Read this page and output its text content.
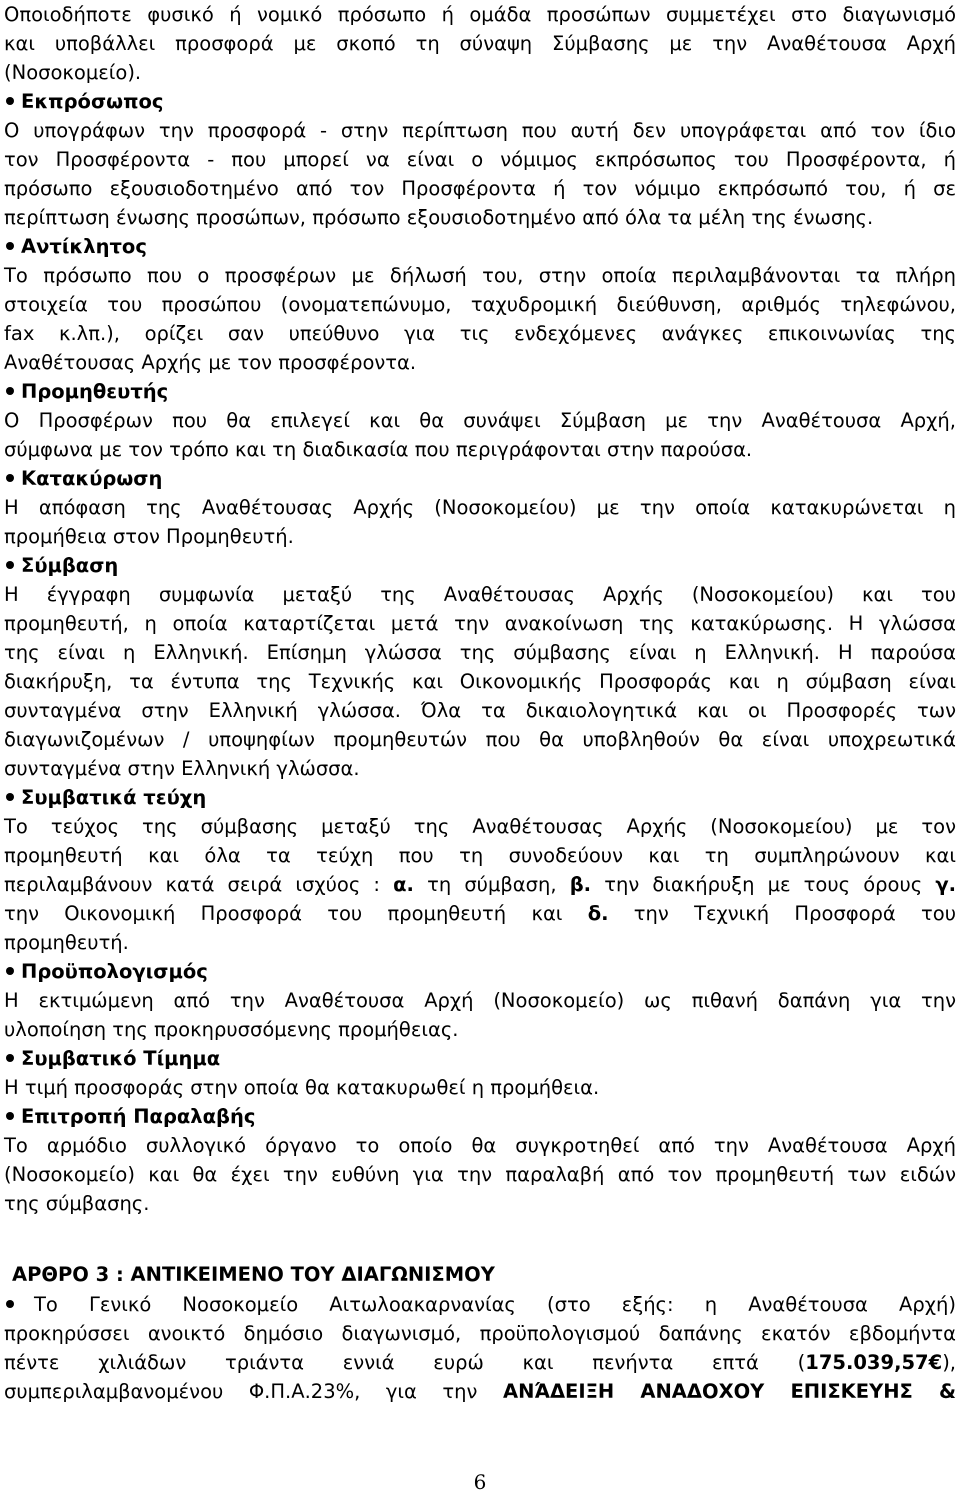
Οποιοδήποτε φυσικό ή νομικό πρόσωπο ή ομάδα προσώπων συμμετέχει στο διαγωνισμό
και υποβάλλει προσφορά με σκοπό τη σύναψη Σύμβασης με την Αναθέτουσα Αρχή
(Νοσοκομείο).
Εκπρόσωπος
Ο υπογράφων την προσφορά - στην περίπτωση που αυτή δεν υπογράφεται από τον ίδιο
τον Προσφέροντα - που μπορεί να είναι ο νόμιμος εκπρόσωπος του Προσφέροντα, ή
πρόσωπο εξουσιοδοτημένο από τον Προσφέροντα ή τον νόμιμο εκπρόσωπό του, ή σε
περίπτωση ένωσης προσώπων, πρόσωπο εξουσιοδοτημένο από όλα τα μέλη της ένωσης.
Αντίκλητος
Το πρόσωπο που ο προσφέρων με δήλωσή του, στην οποία περιλαμβάνονται τα πλήρη
στοιχεία του προσώπου (ονοματεπώνυμο, ταχυδρομική διεύθυνση, αριθμός τηλεφώνου,
fax κ.λπ.), ορίζει σαν υπεύθυνο για τις ενδεχόμενες ανάγκες επικοινωνίας της
Αναθέτουσας Αρχής με τον προσφέροντα.
Προμηθευτής
Ο Προσφέρων που θα επιλεγεί και θα συνάψει Σύμβαση με την Αναθέτουσα Αρχή,
σύμφωνα με τον τρόπο και τη διαδικασία που περιγράφονται στην παρούσα.
Κατακύρωση
Η απόφαση της Αναθέτουσας Αρχής (Νοσοκομείου) με την οποία κατακυρώνεται η
προμήθεια στον Προμηθευτή.
Σύμβαση
Η έγγραφη συμφωνία μεταξύ της Αναθέτουσας Αρχής (Νοσοκομείου) και του
προμηθευτή, η οποία καταρτίζεται μετά την ανακοίνωση της κατακύρωσης. Η γλώσσα
της είναι η Ελληνική. Επίσημη γλώσσα της σύμβασης είναι η Ελληνική. Η παρούσα
διακήρυξη, τα έντυπα της Τεχνικής και Οικονομικής Προσφοράς και η σύμβαση είναι
συνταγμένα στην Ελληνική γλώσσα. Όλα τα δικαιολογητικά και οι Προσφορές των
διαγωνιζομένων / υποψηφίων προμηθευτών που θα υποβληθούν θα είναι υποχρεωτικά
συνταγμένα στην Ελληνική γλώσσα.
Συμβατικά τεύχη
Το τεύχος της σύμβασης μεταξύ της Αναθέτουσας Αρχής (Νοσοκομείου) με τον
προμηθευτή και όλα τα τεύχη που τη συνοδεύουν και τη συμπληρώνουν και
περιλαμβάνουν κατά σειρά ισχύος : α. τη σύμβαση, β. την διακήρυξη με τους όρους γ.
την Οικονομική Προσφορά του προμηθευτή και δ. την Τεχνική Προσφορά του
προμηθευτή.
Προϋπολογισμός
Η εκτιμώμενη από την Αναθέτουσα Αρχή (Νοσοκομείο) ως πιθανή δαπάνη για την
υλοποίηση της προκηρυσσόμενης προμήθειας.
Συμβατικό Τίμημα
Η τιμή προσφοράς στην οποία θα κατακυρωθεί η προμήθεια.
Επιτροπή Παραλαβής
Το αρμόδιο συλλογικό όργανο το οποίο θα συγκροτηθεί από την Αναθέτουσα Αρχή
(Νοσοκομείο) και θα έχει την ευθύνη για την παραλαβή από τον προμηθευτή των ειδών
της σύμβασης.
ΑΡΘΡΟ 3 : ΑΝΤΙΚΕΙΜΕΝΟ ΤΟΥ ΔΙΑΓΩΝΙΣΜΟΥ
Το Γενικό Νοσοκομείο Αιτωλοακαρνανίας (στο εξής: η Αναθέτουσα Αρχή)
προκηρύσσει ανοικτό δημόσιο διαγωνισμό, προϋπολογισμού δαπάνης εκατόν εβδομήντα
πέντε χιλιάδων τριάντα εννιά ευρώ και πενήντα επτά (175.039,57€),
συμπεριλαμβανομένου Φ.Π.Α.23%, για την ΑΝΆΔΕΙΞΗ ΑΝΑΔΟΧΟΥ ΕΠΙΣΚΕΥΗΣ &
6
